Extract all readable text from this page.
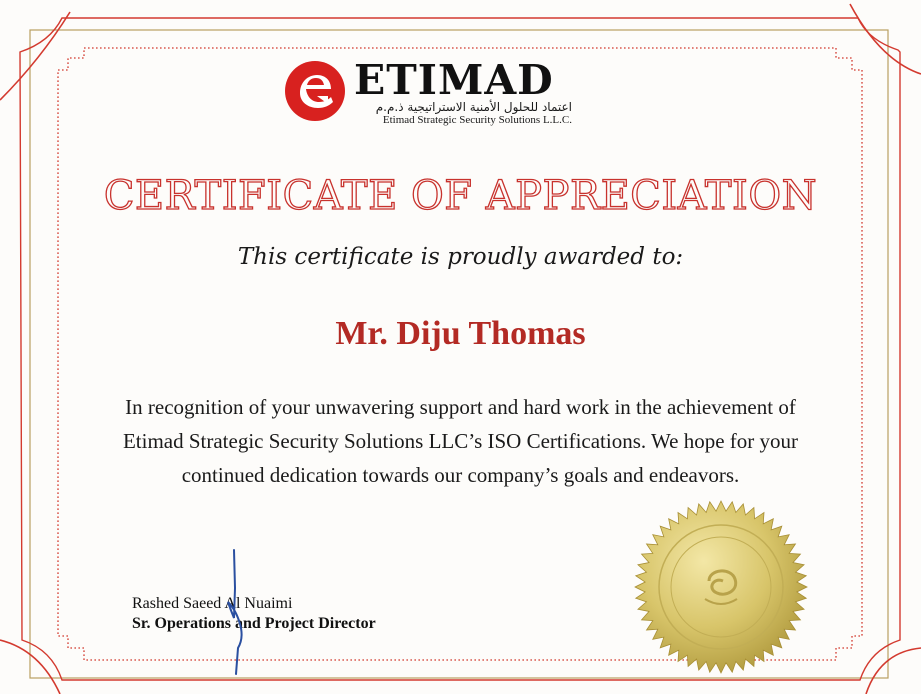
ETIMAD
اعتماد للحلول الأمنية الاستراتيجية ذ.م.م
Etimad Strategic Security Solutions L.L.C.
CERTIFICATE OF APPRECIATION
This certificate is proudly awarded to:
Mr. Diju Thomas
In recognition of your unwavering support and hard work in the achievement of
Etimad Strategic Security Solutions LLC’s ISO Certifications. We hope for your
continued dedication towards our company’s goals and endeavors.
Rashed Saeed Al Nuaimi
Sr. Operations and Project Director
